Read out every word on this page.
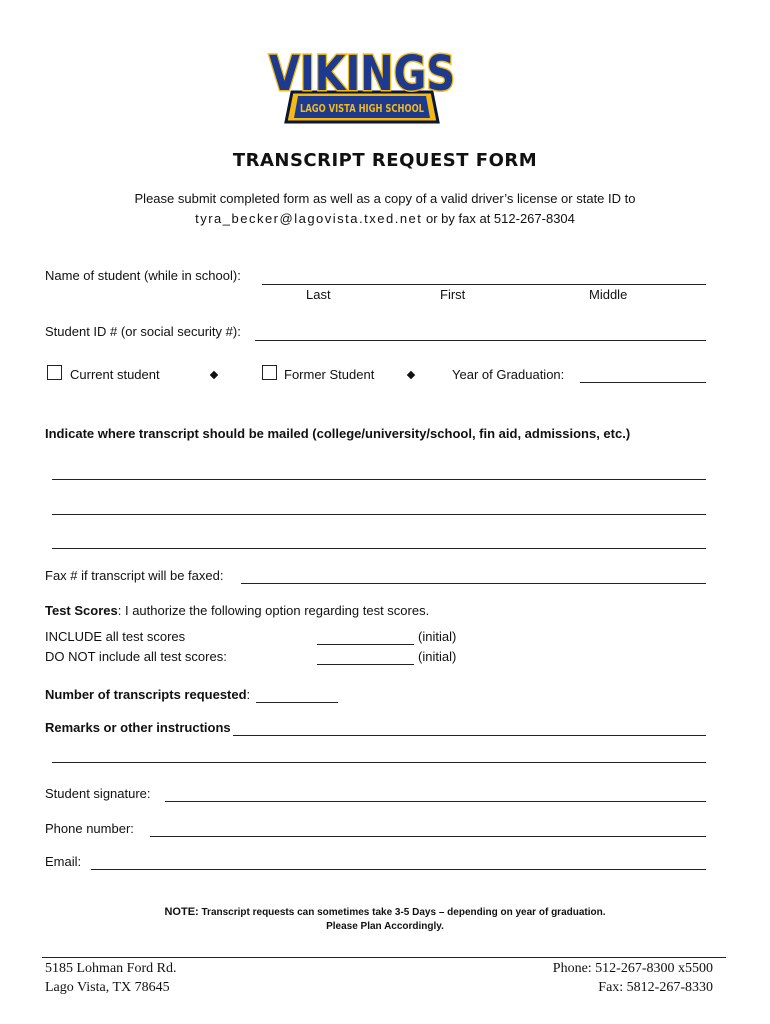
VIKINGS
LAGO VISTA HIGH SCHOOL
TRANSCRIPT REQUEST FORM
Please submit completed form as well as a copy of a valid driver’s license or state ID to
tyra_becker@lagovista.txed.net or by fax at 512-267-8304
Name of student (while in school):
Last	First	Middle
Student ID # (or social security #):
Current student	Former Student	Year of Graduation:
Indicate where transcript should be mailed (college/university/school, fin aid, admissions, etc.)
Fax # if transcript will be faxed:
Test Scores: I authorize the following option regarding test scores.
INCLUDE all test scores	(initial)
DO NOT include all test scores:	(initial)
Number of transcripts requested:
Remarks or other instructions
Student signature:
Phone number:
Email:
NOTE: Transcript requests can sometimes take 3-5 Days – depending on year of graduation.
Please Plan Accordingly.
5185 Lohman Ford Rd.
Lago Vista, TX 78645
Phone: 512-267-8300 x5500
Fax: 5812-267-8330
